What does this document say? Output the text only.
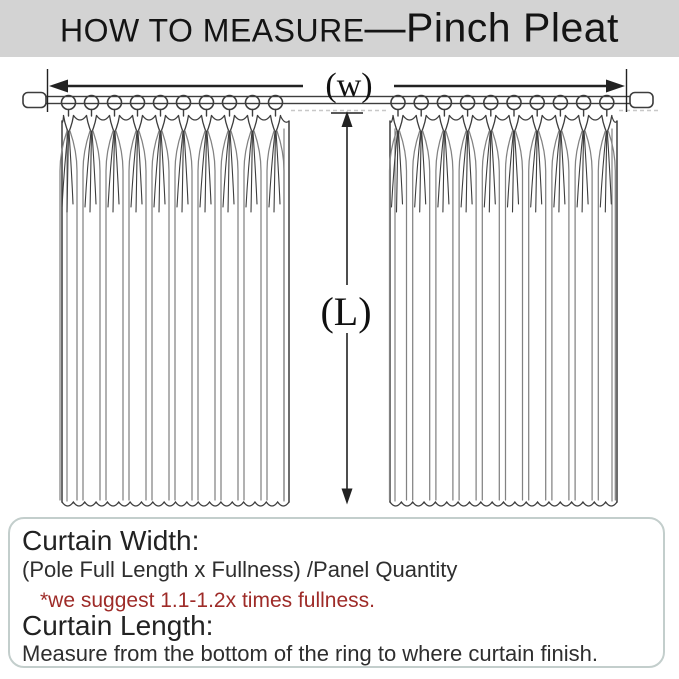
HOW TO MEASURE—Pinch Pleat
(w)
(L)
Curtain Width:
(Pole Full Length x Fullness) /Panel Quantity
*we suggest 1.1-1.2x times fullness.
Curtain Length:
Measure from the bottom of the ring to where curtain finish.
